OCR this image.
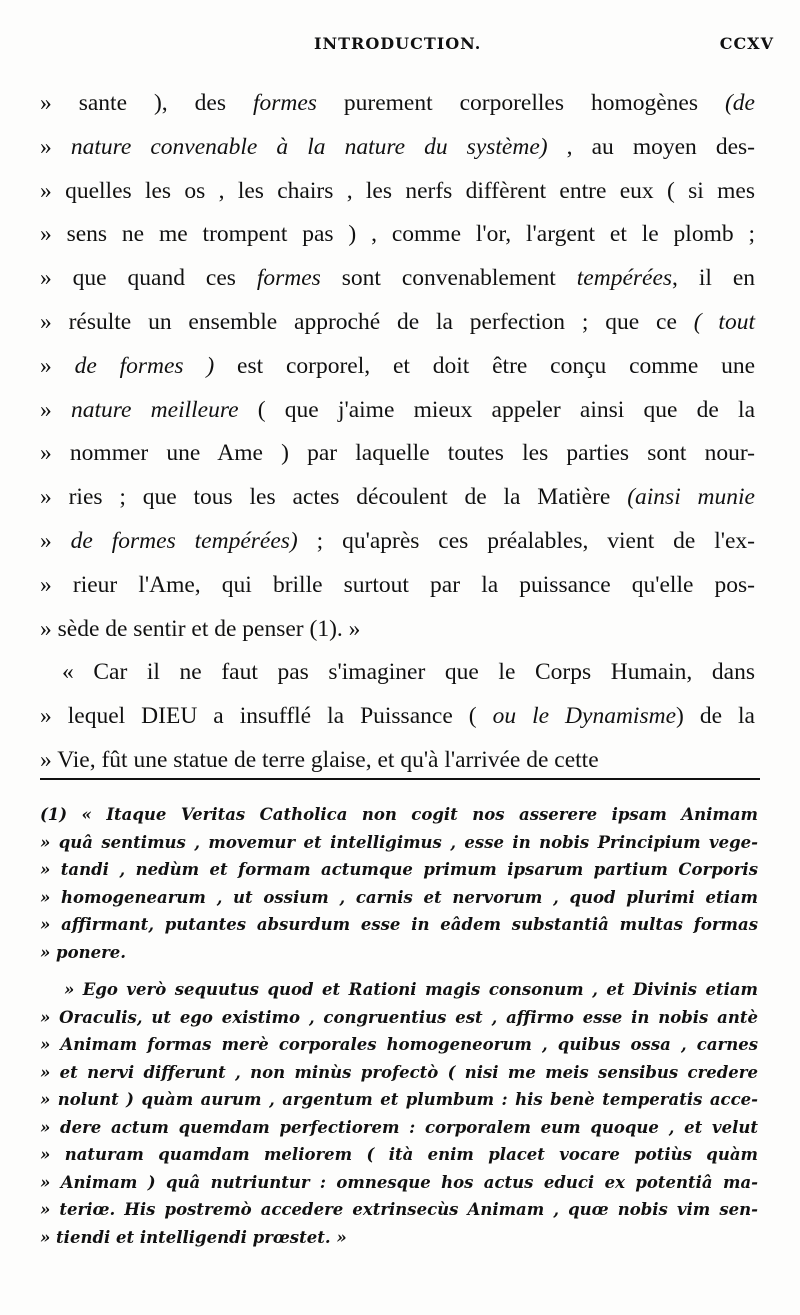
INTRODUCTION.	CCXV
» sante ), des formes purement corporelles homogènes (de
» nature convenable à la nature du système) , au moyen des-
» quelles les os , les chairs , les nerfs diffèrent entre eux ( si mes
» sens ne me trompent pas ) , comme l'or, l'argent et le plomb ;
» que quand ces formes sont convenablement tempérées, il en
» résulte un ensemble approché de la perfection ; que ce ( tout
» de formes ) est corporel, et doit être conçu comme une
» nature meilleure ( que j'aime mieux appeler ainsi que de la
» nommer une Ame ) par laquelle toutes les parties sont nour-
» ries ; que tous les actes découlent de la Matière (ainsi munie
» de formes tempérées) ; qu'après ces préalables, vient de l'ex-
» rieur l'Ame, qui brille surtout par la puissance qu'elle pos-
» sède de sentir et de penser (1). »
« Car il ne faut pas s'imaginer que le Corps Humain, dans
» lequel DIEU a insufflé la Puissance ( ou le Dynamisme) de la
» Vie, fût une statue de terre glaise, et qu'à l'arrivée de cette
(1) « Itaque Veritas Catholica non cogit nos asserere ipsam Animam
» quâ sentimus , movemur et intelligimus , esse in nobis Principium vege-
» tandi , nedùm et formam actumque primum ipsarum partium Corporis
» homogenearum , ut ossium , carnis et nervorum , quod plurimi etiam
» affirmant, putantes absurdum esse in eâdem substantiâ multas formas
» ponere.
» Ego verò sequutus quod et Rationi magis consonum , et Divinis etiam
» Oraculis, ut ego existimo , congruentius est , affirmo esse in nobis antè
» Animam formas merè corporales homogeneorum , quibus ossa , carnes
» et nervi differunt , non minùs profectò ( nisi me meis sensibus credere
» nolunt ) quàm aurum , argentum et plumbum : his benè temperatis acce-
» dere actum quemdam perfectiorem : corporalem eum quoque , et velut
» naturam quamdam meliorem ( ità enim placet vocare potiùs quàm
» Animam ) quâ nutriuntur : omnesque hos actus educi ex potentiâ ma-
» teriœ. His postremò accedere extrinsecùs Animam , quœ nobis vim sen-
» tiendi et intelligendi prœstet. »
